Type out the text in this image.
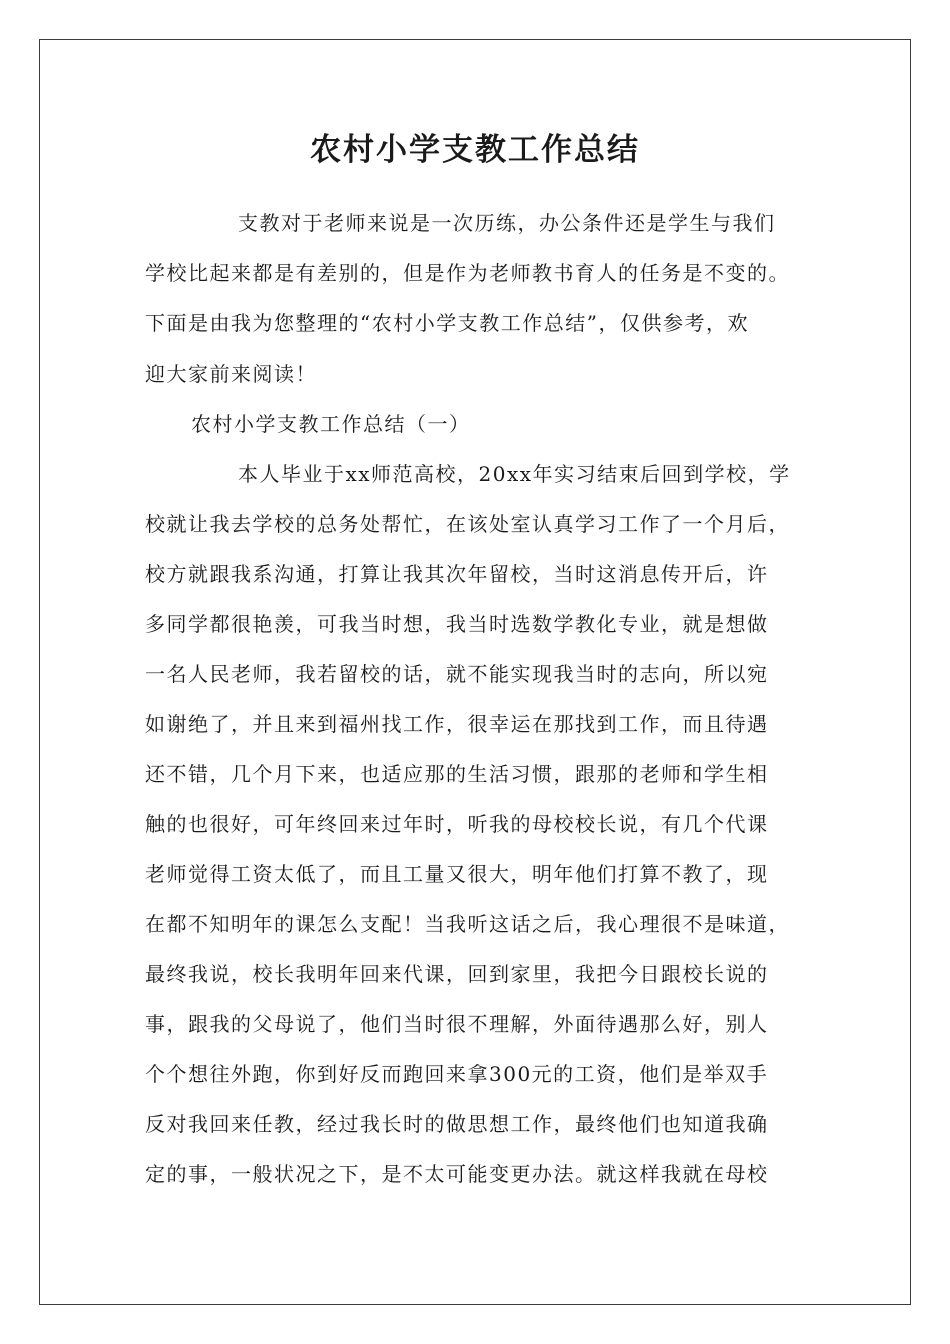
农村小学支教工作总结

支教对于老师来说是一次历练，办公条件还是学生与我们

学校比起来都是有差别的，但是作为老师教书育人的任务是不变的。

下面是由我为您整理的“农村小学支教工作总结”，仅供参考，欢

迎大家前来阅读！

农村小学支教工作总结（一）

本人毕业于xx师范高校，20xx年实习结束后回到学校，学

校就让我去学校的总务处帮忙，在该处室认真学习工作了一个月后，

校方就跟我系沟通，打算让我其次年留校，当时这消息传开后，许

多同学都很艳羡，可我当时想，我当时选数学教化专业，就是想做

一名人民老师，我若留校的话，就不能实现我当时的志向，所以宛

如谢绝了，并且来到福州找工作，很幸运在那找到工作，而且待遇

还不错，几个月下来，也适应那的生活习惯，跟那的老师和学生相

触的也很好，可年终回来过年时，听我的母校校长说，有几个代课

老师觉得工资太低了，而且工量又很大，明年他们打算不教了，现

在都不知明年的课怎么支配！当我听这话之后，我心理很不是味道，

最终我说，校长我明年回来代课，回到家里，我把今日跟校长说的

事，跟我的父母说了，他们当时很不理解，外面待遇那么好，别人

个个想往外跑，你到好反而跑回来拿300元的工资，他们是举双手

反对我回来任教，经过我长时的做思想工作，最终他们也知道我确

定的事，一般状况之下，是不太可能变更办法。就这样我就在母校
